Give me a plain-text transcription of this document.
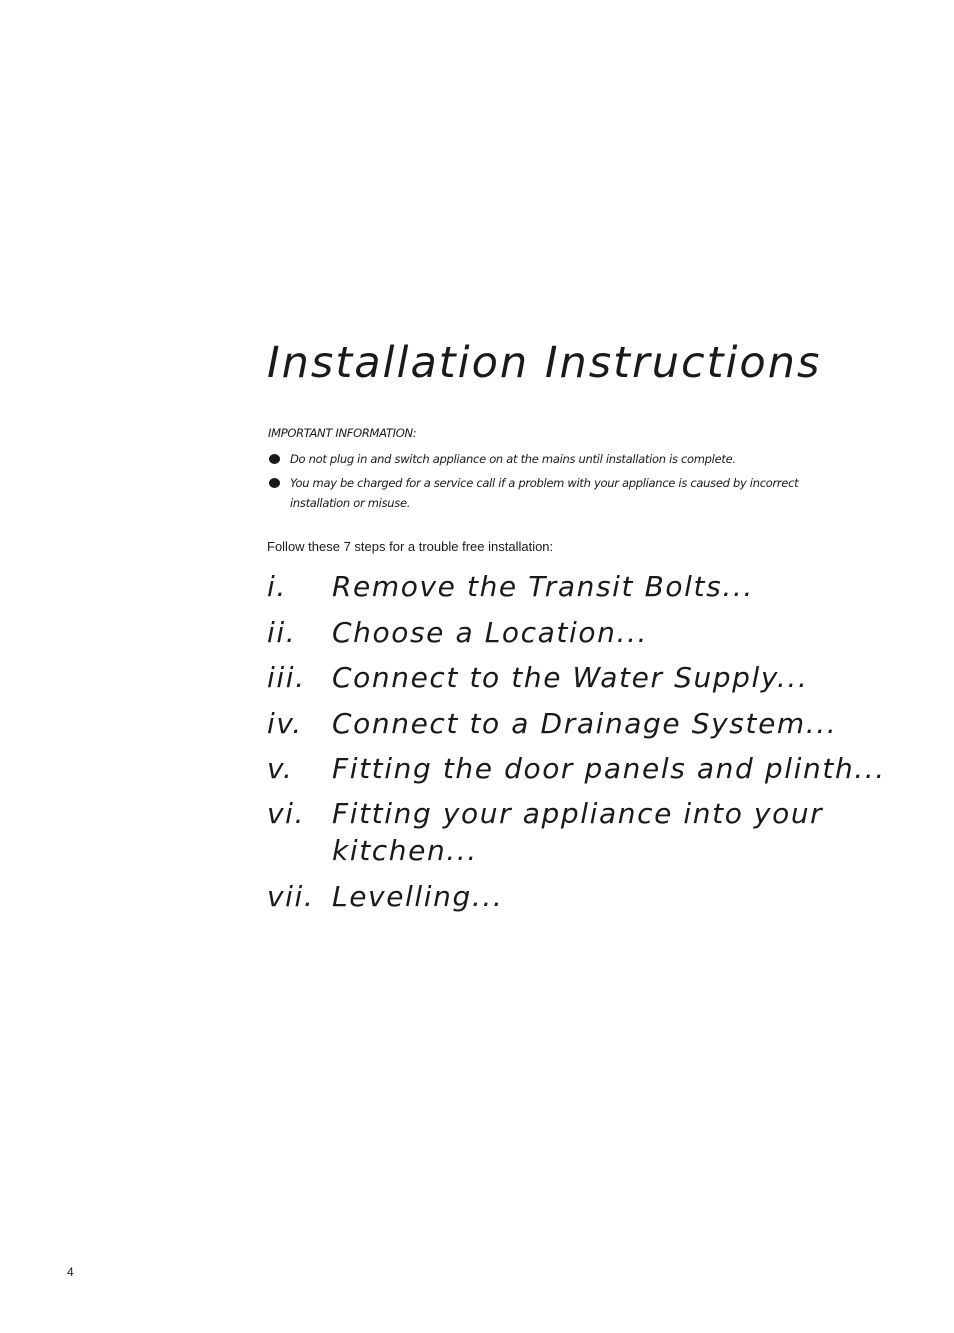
Installation Instructions
IMPORTANT INFORMATION:
Do not plug in and switch appliance on at the mains until installation is complete.
You may be charged for a service call if a problem with your appliance is caused by incorrect installation or misuse.
Follow these 7 steps for a trouble free installation:
i. Remove the Transit Bolts...
ii. Choose a Location...
iii. Connect to the Water Supply...
iv. Connect to a Drainage System...
v. Fitting the door panels and plinth...
vi. Fitting your appliance into your kitchen...
vii. Levelling...
4
